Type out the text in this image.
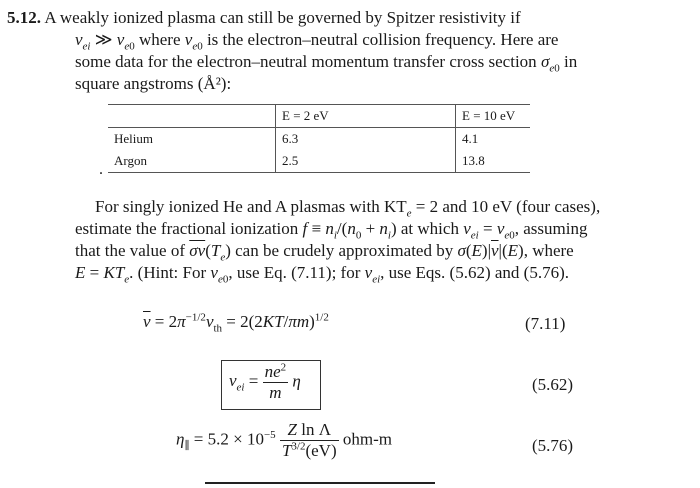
5.12. A weakly ionized plasma can still be governed by Spitzer resistivity if
$\nu_{ei}$ ≫ $\nu_{e0}$ where $\nu_{e0}$ is the electron–neutral collision frequency. Here are
some data for the electron–neutral momentum transfer cross section $\sigma_{e0}$ in
square angstroms (Å²):
	E = 2 eV	E = 10 eV
Helium	6.3	4.1
Argon	2.5	13.8
.
For singly ionized He and A plasmas with $KT_e = 2$ and 10 eV (four cases),
estimate the fractional ionization $f \equiv n_i/(n_0 + n_i)$ at which $\nu_{ei} = \nu_{e0}$, assuming
that the value of $\overline{\sigma v}(T_e)$ can be crudely approximated by $\sigma(E)|\overline{v}|(E)$, where
$E = KT_e$. (Hint: For $\nu_{e0}$, use Eq. (7.11); for $\nu_{ei}$, use Eqs. (5.62) and (5.76).
$\overline{v} = 2\pi^{-1/2}v_{th} = 2(2KT/\pi m)^{1/2}$	(7.11)
$\nu_{ei} = \frac{ne^2}{m}$ η	(5.62)
$\eta_\parallel = 5.2 \times 10^{-5} \frac{\text{Z ln Λ}}{T^{3/2}(eV)} ohm-m$	(5.76)
